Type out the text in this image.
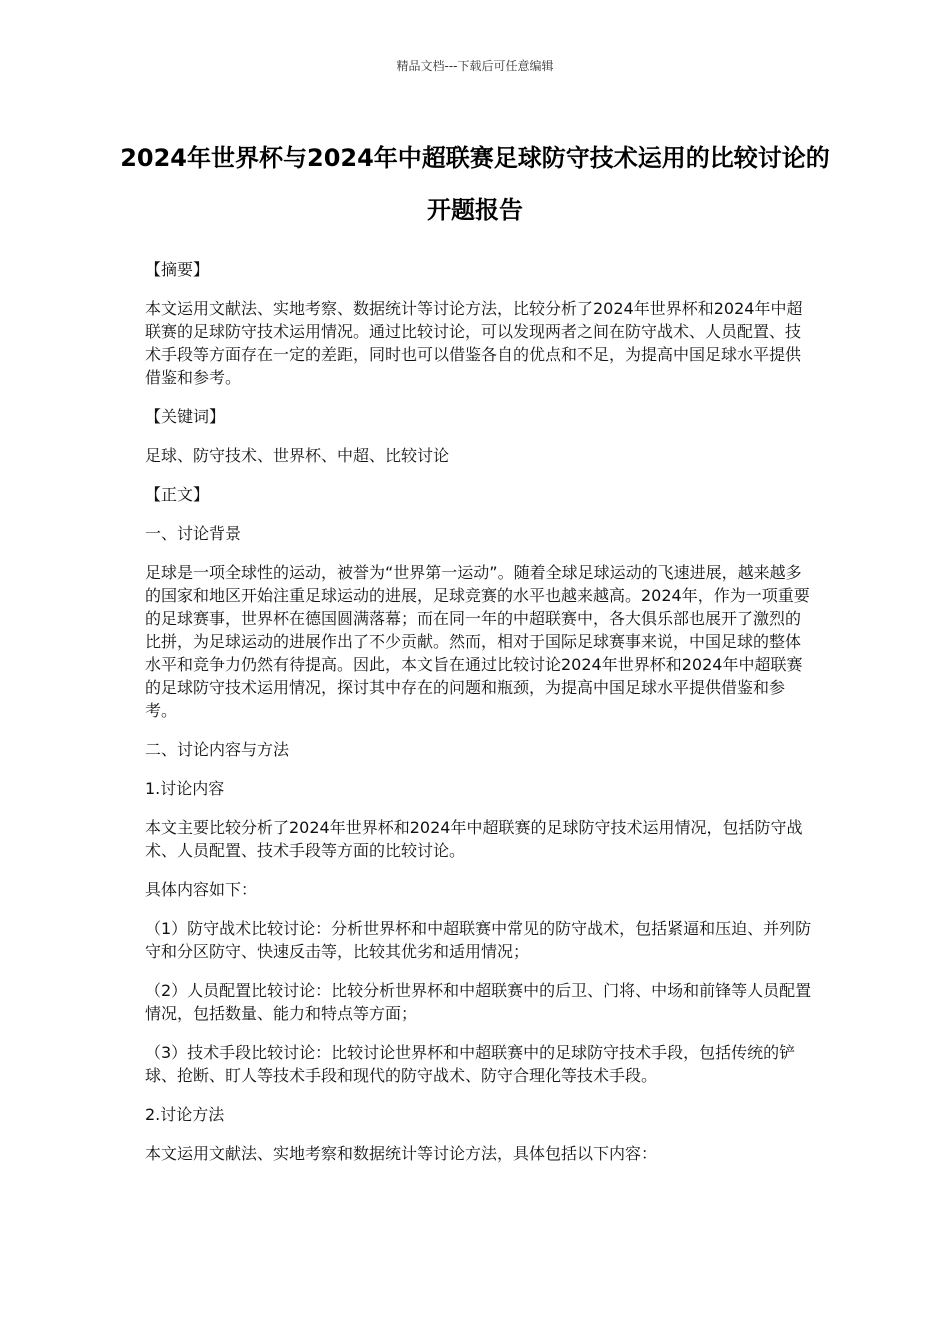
精品文档---下载后可任意编辑
2024年世界杯与2024年中超联赛足球防守技术运用的比较讨论的开题报告

【摘要】

本文运用文献法、实地考察、数据统计等讨论方法，比较分析了2024年世界杯和2024年中超联赛的足球防守技术运用情况。通过比较讨论，可以发现两者之间在防守战术、人员配置、技术手段等方面存在一定的差距，同时也可以借鉴各自的优点和不足，为提高中国足球水平提供借鉴和参考。

【关键词】

足球、防守技术、世界杯、中超、比较讨论

【正文】

一、讨论背景

足球是一项全球性的运动，被誉为“世界第一运动”。随着全球足球运动的飞速进展，越来越多的国家和地区开始注重足球运动的进展，足球竞赛的水平也越来越高。2024年，作为一项重要的足球赛事，世界杯在德国圆满落幕；而在同一年的中超联赛中，各大俱乐部也展开了激烈的比拼，为足球运动的进展作出了不少贡献。然而，相对于国际足球赛事来说，中国足球的整体水平和竞争力仍然有待提高。因此，本文旨在通过比较讨论2024年世界杯和2024年中超联赛的足球防守技术运用情况，探讨其中存在的问题和瓶颈，为提高中国足球水平提供借鉴和参考。

二、讨论内容与方法

1.讨论内容

本文主要比较分析了2024年世界杯和2024年中超联赛的足球防守技术运用情况，包括防守战术、人员配置、技术手段等方面的比较讨论。

具体内容如下：

（1）防守战术比较讨论：分析世界杯和中超联赛中常见的防守战术，包括紧逼和压迫、并列防守和分区防守、快速反击等，比较其优劣和适用情况；

（2）人员配置比较讨论：比较分析世界杯和中超联赛中的后卫、门将、中场和前锋等人员配置情况，包括数量、能力和特点等方面；

（3）技术手段比较讨论：比较讨论世界杯和中超联赛中的足球防守技术手段，包括传统的铲球、抢断、盯人等技术手段和现代的防守战术、防守合理化等技术手段。

2.讨论方法

本文运用文献法、实地考察和数据统计等讨论方法，具体包括以下内容：
